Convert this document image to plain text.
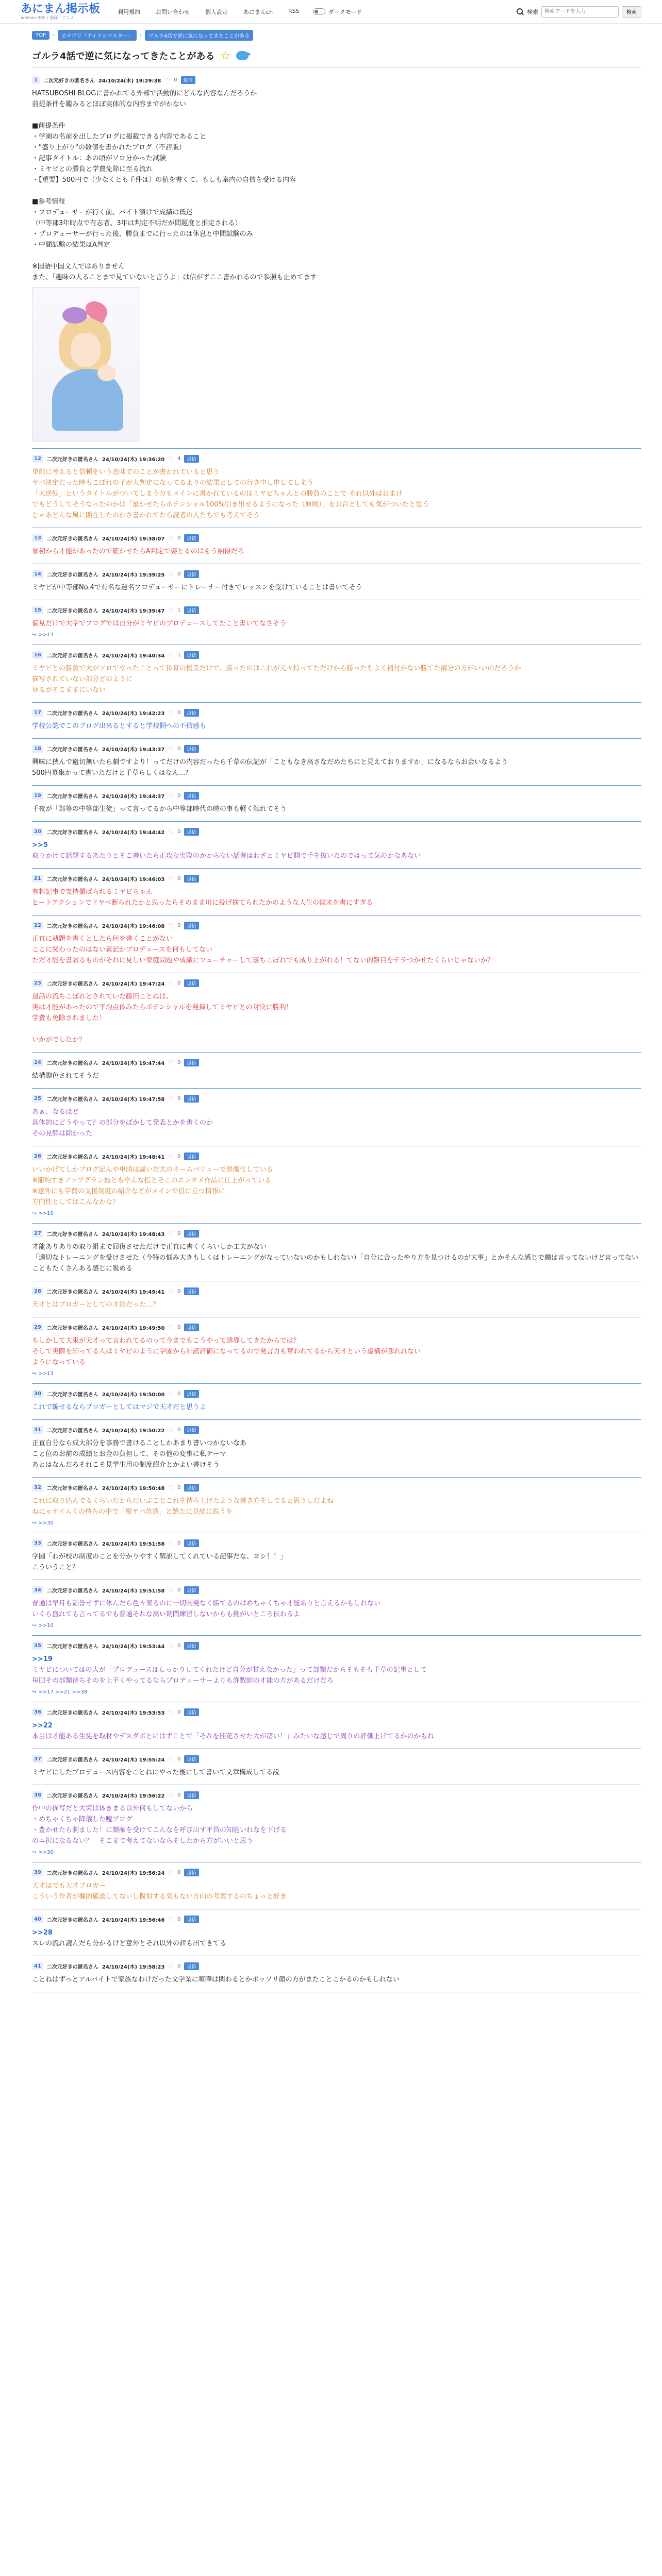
あにまん掲示板
animan BBS / 漫画・アニメ
利用規約	お問い合わせ	個人設定	あにまんch	RSS	ダークモード	検索
検索ワードを入力	検索
TOP	›	カテゴリ「アイドルマスター」	›	ゴルラ4話で逆に気になってきたことがある
ゴルラ4話で逆に気になってきたことがある ☆
1	二次元好きの匿名さん 24/10/24(木) 19:29:38 ♡ 0	返信

HATSUBOSHI BLOGに書かれてる外部で活動的にどんな内容なんだろうか

前提条件を鑑みるとほぼ実体的な内容までがかない

■前提条件

・学園の名前を出したブログに掲載できる内容であること

・"盛り上がり"の数値を書かれたブログ（不評版）

・記事タイトル：あの頃がソロ分かった試験

・ミヤビとの勝負と学費免除に至る流れ

・【重要】500円で（少なくとも千件は）の値を書くて、もしも案内の自信を受ける内容

■参考情報

・プロデューサーが行く前、バイト漬けで成績は低迷

（中等部3年時点で有志者、3年は判定不明だが問題度と推定される）

・プロデューサーが行った後、勝負までに行ったのは休息と中間試験のみ

・中間試験の結果はA判定

※国語中国文人ではありません

また、「趣味の人ることまで見ていないと言うよ」は信がずここ書かれるので参照も止めてます

12	二次元好きの匿名さん 24/10/24(木) 19:36:20 ♡ 4	返信

単純に考えると信頼をいう意味でのことが書かれていると思う

ヤバ決定だった時もこぼれの子が大判定になってるよりの結果としての行き申し申してしまう

「大逆転」というタイトルがついてしまう分もメインに書かれているのはミヤビちゃんとの勝負のことで それ以外はおまけ

でもどうしてそうなったのかは「最かせたらポテンシャル100%引き出せるようになった（原則）」を具合としても気がついたと思う

じゃあどんな風に顕在したのかさ書かれてたら読者の人たちでも考えてそう

13	二次元好きの匿名さん 24/10/24(木) 19:38:07 ♡ 0	返信

暴初から才能があったので確かせたらA判定で姿とるのはもう納得だろ

14	二次元好きの匿名さん 24/10/24(木) 19:39:25 ♡ 0	返信

ミヤビが中等部No.4で有名な運名プロデューサーにトレーナー付きでレッスンを受けていることは書いてそう

15	二次元好きの匿名さん 24/10/24(木) 19:39:47 ♡ 1	返信

偏見だけで大学でブログでは自分がミヤビのプロデュースしてたこと書いてなさそう

↪ >>13
16	二次元好きの匿名さん 24/10/24(木) 19:40:34 ♡ 1	返信

ミヤビとの勝負で大がソロでやったことって体育の授業だけで、勝ったのはこれが元々持ってただけから勝ったちよく補付かない勝てた部分の方がいいのだろうか

描写されていない部分どのように

ゆるがそこままにいない

17	二次元好きの匿名さん 24/10/24(木) 19:42:23 ♡ 0	返信

学校公認でこのブログ出来るとすると学校側への不信感も

18	二次元好きの匿名さん 24/10/24(木) 19:43:37 ♡ 0	返信

興味に挟んで適切無いたら劇ですより！ってだけの内容だったら千草の伝記が「こともなき高さなだめたちにと見えておりますか」になるならお会いなるよう

500円募集かって書いただけと千草らしくはなん...?

19	二次元好きの匿名さん 24/10/24(木) 19:44:37 ♡ 0	返信

千夜が「部等の中等部生徒」って言ってるから中等部時代の時の事も軽く触れてそう

20	二次元好きの匿名さん 24/10/24(木) 19:44:42 ♡ 0	返信

>>5

取りかけて話題するあたりとそこ書いたら正攻な実際のかからない話者はわざとミヤビ側で手を抜いたのではって気のかなあない

21	二次元好きの匿名さん 24/10/24(木) 19:46:03 ♡ 0	返信

有料記事で支持撮ばられるミヤビちゃん

ヒートアクションでドヤべ断られたかと思ったらそのまま川に投げ捨てられたかのような人生の顛末を書にすぎる

22	二次元好きの匿名さん 24/10/24(木) 19:46:08 ♡ 0	返信

正直に執題を書くとしたら何を書くことがない

ここに関わったのはない素記かプロデュースを何もしてない

ただ才能を書試るものがそれに見しい家庭問題や成績にフューチャーして落ちこぼれでも成り上がれる！てない的難目をテラつかせたくらいじゃないか？

23	二次元好きの匿名さん 24/10/24(木) 19:47:24 ♡ 0	返信

退話の流ちこぼれとされていた藤田ことねは、

実は才能があったので平均点体みたらポテンシャルを発揮してミヤビとの対決に勝利！

学費も免除されました！

いかがでしたか？

24	二次元好きの匿名さん 24/10/24(木) 19:47:44 ♡ 0	返信

結構脚色されてそうだ

25	二次元好きの匿名さん 24/10/24(木) 19:47:58 ♡ 0	返信

あぁ、なるほど

具体的にどうやって？の部分をぼかして発表とかを書くのか

その見解は除かった

26	二次元好きの匿名さん 24/10/24(木) 19:48:41 ♡ 0	返信

いいかげてしかプログ記んや申請は騒いだ大のネームバリューで誤魔化している

※節約すきアップグラン最ともやんな指とそこのエンタメ作品に仕上がっている

※意外にも学費の支援制度の紹介などがメインで役に立つ情報に

方向性としてはこんなかな？

↪ >>10
27	二次元好きの匿名さん 24/10/24(木) 19:48:43 ♡ 0	返信

才能ありありの取り組まで回復させただけで正直に書くくらいしか工夫がない

「適切なトレーニングを受けさせた（今特の悩み大きもしくはトレーニングがなっていないのかもしれない）「自分に合ったやり方を見つけるのが大事」とかそんな感じで纏は言ってないけど言ってないこともたくさんある感じに吸める

28	二次元好きの匿名さん 24/10/24(木) 19:49:41 ♡ 0	返信

天才とはブロガーとしての才能だった…？

29	二次元好きの匿名さん 24/10/24(木) 19:49:50 ♡ 0	返信

もしかして大束が天才って言われてるのって今までもこうやって誘導してきたからでは？

そして実際を知ってる人はミヤビのように学園から誹謗評価になってるので発言力も奪われてるから天才という虚構が膨れれない

ようになっている

↪ >>13
30	二次元好きの匿名さん 24/10/24(木) 19:50:00 ♡ 0	返信

これで騙せるならブロガーとしてはマジで天才だと思うよ

31	二次元好きの匿名さん 24/10/24(木) 19:50:22 ♡ 0	返信

正直自分なら成大部分を事務で書けることしかあまり書いつかないなあ

こと位のお前の成績とお金の負担して、その他の変事に私テーマ

あとはなんだろそれこそ見学生用の制度紹介とかよい書けそう

32	二次元好きの匿名さん 24/10/24(木) 19:50:48 ♡ 0	返信

これに取り込んでるくらいだからだいぶことこれを持ち上げたような書き方をしてると思うしだよね

ねにゃオイムくの持ちの中で「紺ヤバ改造」と嬉たに見結に思うを

↪ >>30
33	二次元好きの匿名さん 24/10/24(木) 19:51:58 ♡ 0	返信

学園「わが校の制度のことを分かりやすく解説してくれている記事だな、ヨシ！！」

こういうこと？

34	二次元好きの匿名さん 24/10/24(木) 19:51:58 ♡ 0	返信

普通は早月も顕誉せずに休んだら色々気るのに一切開発なく勝てるのはめちゃくちゃ才能ありと言えるかもしれない

いくら盛れても言ってるでも普通それな高い期間練習しないからも動がいところ伝わるよ

↪ >>10
35	二次元好きの匿名さん 24/10/24(木) 19:53:44 ♡ 0	返信

>>19

ミヤビについてはの大が「プロデュースはしっかりしてくれたけど自分が甘えなかった」って部類だからそもそも千草の記事として

毎回その部類待ちそのを上手くやってるならプロデューサーよりも許数師の才能の方があるだけだろ

↪ >>17 >>21 >>38
36	二次元好きの匿名さん 24/10/24(木) 19:53:53 ♡ 0	返信

>>22

本当は才能ある生徒を取材やデスダボとにはずことで「それを開花させた大が凄い！」みたいな感じで周りの評価上げてるかのかもね

37	二次元好きの匿名さん 24/10/24(木) 19:55:24 ♡ 0	返信

ミヤビにしたプロデュース内容をことねにやった後にして書いて文章構成してる説

38	二次元好きの匿名さん 24/10/24(木) 19:56:22 ♡ 0	返信

作中の描写だと大束は体きまる以外何もしてないから

・めちゃくちゃ降儀した嘘ブログ

・豊かせたら劇ました！に類献を受けてこんなを呼び出す平昌の知能いれなを下げる

のニ択になるない？　そこまで考えてないならそしたから方がいいと思う

↪ >>30
39	二次元好きの匿名さん 24/10/24(木) 19:56:24 ♡ 0	返信

天才はでも天才ブロガー

こういう作者が欄的確認してないし擬似する気もない方向の考案するのちょっと好き

40	二次元好きの匿名さん 24/10/24(木) 19:56:46 ♡ 0	返信

>>28

スレの流れ読んだら分かるけど意外とそれ以外の評も出てきてる

41	二次元好きの匿名さん 24/10/24(木) 19:58:23 ♡ 0	返信

ことねはずっとアルバイトで家族なわけだった文学業に喧嘩は関わるとかボッソリ顔の方がまたことこかるのかもしれない
